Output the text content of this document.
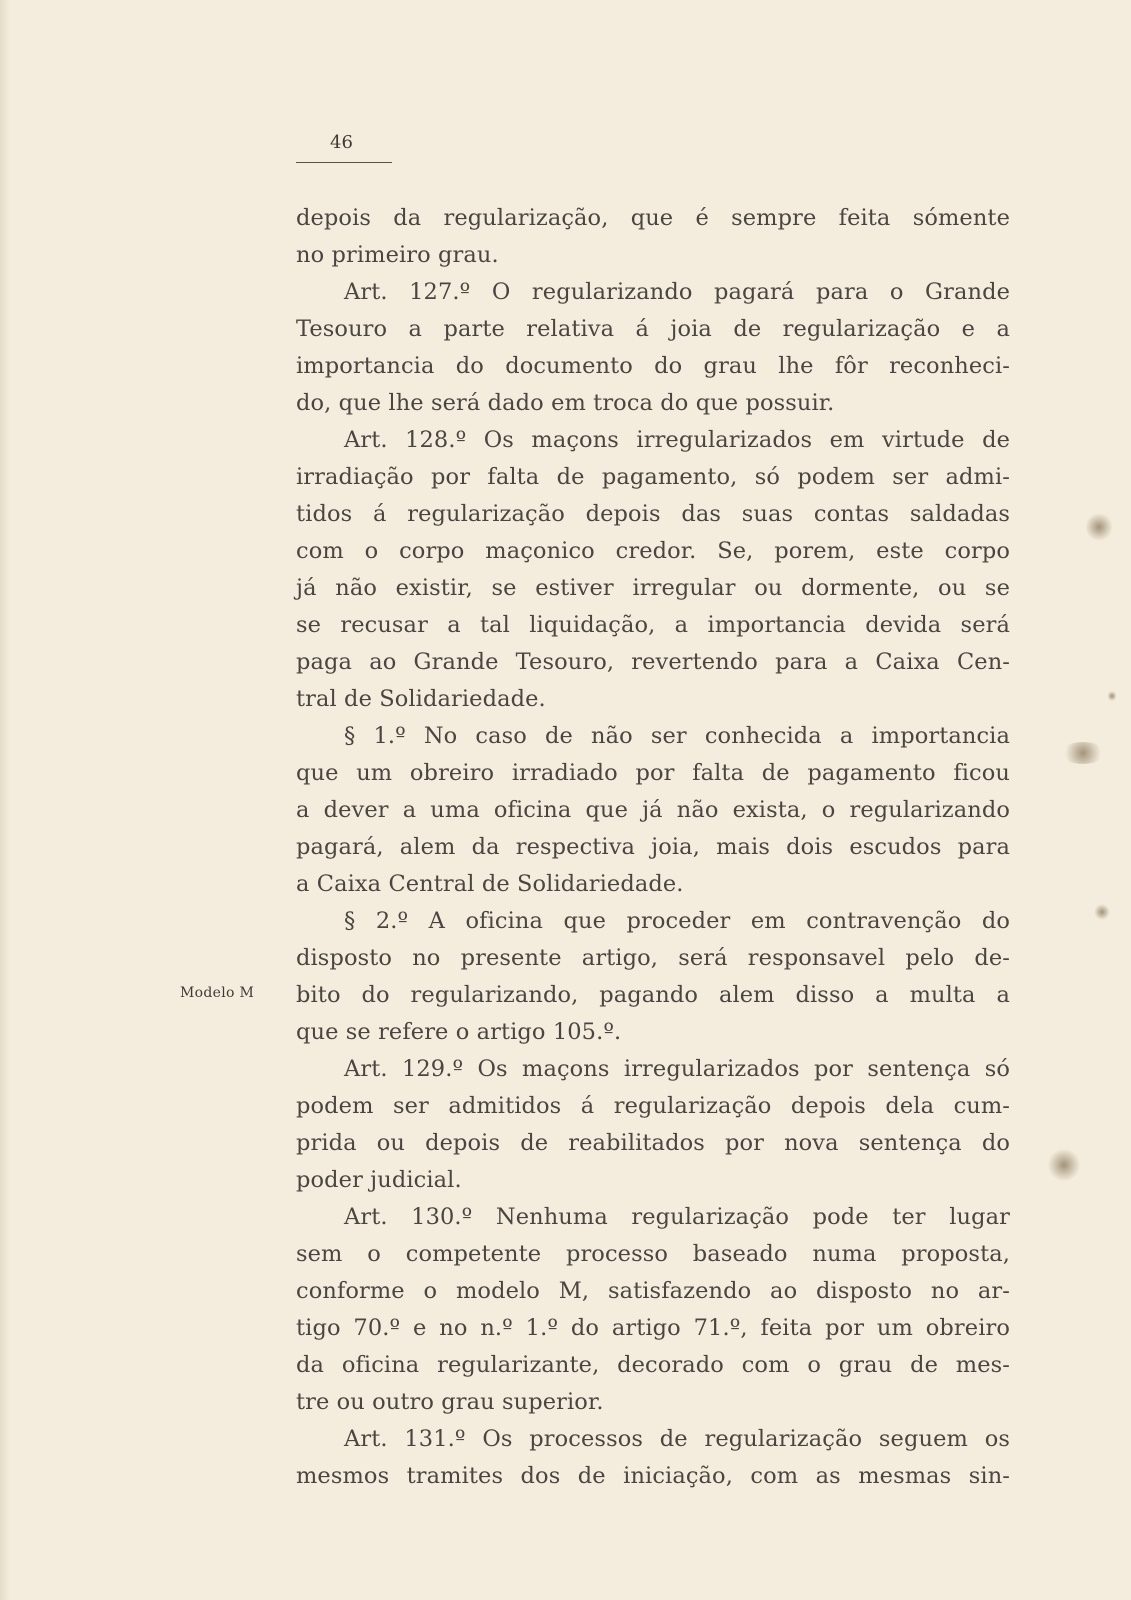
46
Modelo M
depois da regularização, que é sempre feita sómente
no primeiro grau.
Art. 127.º O regularizando pagará para o Grande
Tesouro a parte relativa á joia de regularização e a
importancia do documento do grau lhe fôr reconheci-
do, que lhe será dado em troca do que possuir.
Art. 128.º Os maçons irregularizados em virtude de
irradiação por falta de pagamento, só podem ser admi-
tidos á regularização depois das suas contas saldadas
com o corpo maçonico credor. Se, porem, este corpo
já não existir, se estiver irregular ou dormente, ou se
se recusar a tal liquidação, a importancia devida será
paga ao Grande Tesouro, revertendo para a Caixa Cen-
tral de Solidariedade.
§ 1.º No caso de não ser conhecida a importancia
que um obreiro irradiado por falta de pagamento ficou
a dever a uma oficina que já não exista, o regularizando
pagará, alem da respectiva joia, mais dois escudos para
a Caixa Central de Solidariedade.
§ 2.º A oficina que proceder em contravenção do
disposto no presente artigo, será responsavel pelo de-
bito do regularizando, pagando alem disso a multa a
que se refere o artigo 105.º.
Art. 129.º Os maçons irregularizados por sentença só
podem ser admitidos á regularização depois dela cum-
prida ou depois de reabilitados por nova sentença do
poder judicial.
Art. 130.º Nenhuma regularização pode ter lugar
sem o competente processo baseado numa proposta,
conforme o modelo M, satisfazendo ao disposto no ar-
tigo 70.º e no n.º 1.º do artigo 71.º, feita por um obreiro
da oficina regularizante, decorado com o grau de mes-
tre ou outro grau superior.
Art. 131.º Os processos de regularização seguem os
mesmos tramites dos de iniciação, com as mesmas sin-
